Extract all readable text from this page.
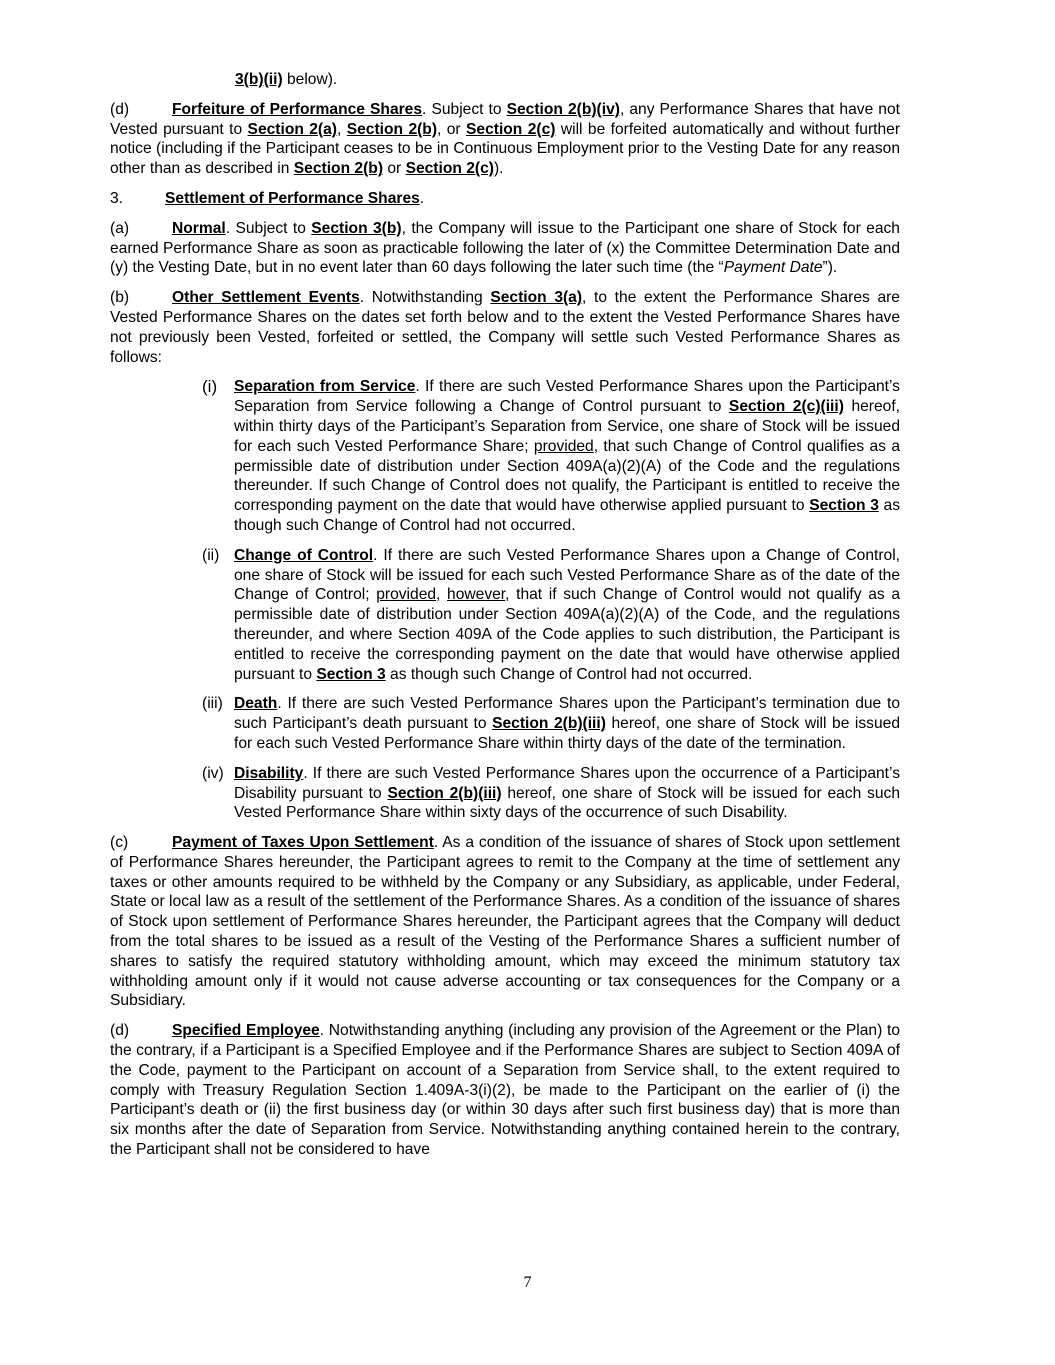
3(b)(ii) below).

(d)	Forfeiture of Performance Shares. Subject to Section 2(b)(iv), any Performance Shares that have not Vested pursuant to Section 2(a), Section 2(b), or Section 2(c) will be forfeited automatically and without further notice (including if the Participant ceases to be in Continuous Employment prior to the Vesting Date for any reason other than as described in Section 2(b) or Section 2(c)).

3.	Settlement of Performance Shares.

(a)	Normal. Subject to Section 3(b), the Company will issue to the Participant one share of Stock for each earned Performance Share as soon as practicable following the later of (x) the Committee Determination Date and (y) the Vesting Date, but in no event later than 60 days following the later such time (the “Payment Date”).

(b)	Other Settlement Events. Notwithstanding Section 3(a), to the extent the Performance Shares are Vested Performance Shares on the dates set forth below and to the extent the Vested Performance Shares have not previously been Vested, forfeited or settled, the Company will settle such Vested Performance Shares as follows:

(i)	Separation from Service. If there are such Vested Performance Shares upon the Participant’s Separation from Service following a Change of Control pursuant to Section 2(c)(iii) hereof, within thirty days of the Participant’s Separation from Service, one share of Stock will be issued for each such Vested Performance Share; provided, that such Change of Control qualifies as a permissible date of distribution under Section 409A(a)(2)(A) of the Code and the regulations thereunder. If such Change of Control does not qualify, the Participant is entitled to receive the corresponding payment on the date that would have otherwise applied pursuant to Section 3 as though such Change of Control had not occurred.
(ii) Change of Control. If there are such Vested Performance Shares upon a Change of Control, one share of Stock will be issued for each such Vested Performance Share as of the date of the Change of Control; provided, however, that if such Change of Control would not qualify as a permissible date of distribution under Section 409A(a)(2)(A) of the Code, and the regulations thereunder, and where Section 409A of the Code applies to such distribution, the Participant is entitled to receive the corresponding payment on the date that would have otherwise applied pursuant to Section 3 as though such Change of Control had not occurred.
(iii) Death. If there are such Vested Performance Shares upon the Participant’s termination due to such Participant’s death pursuant to Section 2(b)(iii) hereof, one share of Stock will be issued for each such Vested Performance Share within thirty days of the date of the termination.
(iv) Disability. If there are such Vested Performance Shares upon the occurrence of a Participant’s Disability pursuant to Section 2(b)(iii) hereof, one share of Stock will be issued for each such Vested Performance Share within sixty days of the occurrence of such Disability.

(c)	Payment of Taxes Upon Settlement. As a condition of the issuance of shares of Stock upon settlement of Performance Shares hereunder, the Participant agrees to remit to the Company at the time of settlement any taxes or other amounts required to be withheld by the Company or any Subsidiary, as applicable, under Federal, State or local law as a result of the settlement of the Performance Shares. As a condition of the issuance of shares of Stock upon settlement of Performance Shares hereunder, the Participant agrees that the Company will deduct from the total shares to be issued as a result of the Vesting of the Performance Shares a sufficient number of shares to satisfy the required statutory withholding amount, which may exceed the minimum statutory tax withholding amount only if it would not cause adverse accounting or tax consequences for the Company or a Subsidiary.

(d)	Specified Employee. Notwithstanding anything (including any provision of the Agreement or the Plan) to the contrary, if a Participant is a Specified Employee and if the Performance Shares are subject to Section 409A of the Code, payment to the Participant on account of a Separation from Service shall, to the extent required to comply with Treasury Regulation Section 1.409A-3(i)(2), be made to the Participant on the earlier of (i) the Participant’s death or (ii) the first business day (or within 30 days after such first business day) that is more than six months after the date of Separation from Service. Notwithstanding anything contained herein to the contrary, the Participant shall not be considered to have

7
